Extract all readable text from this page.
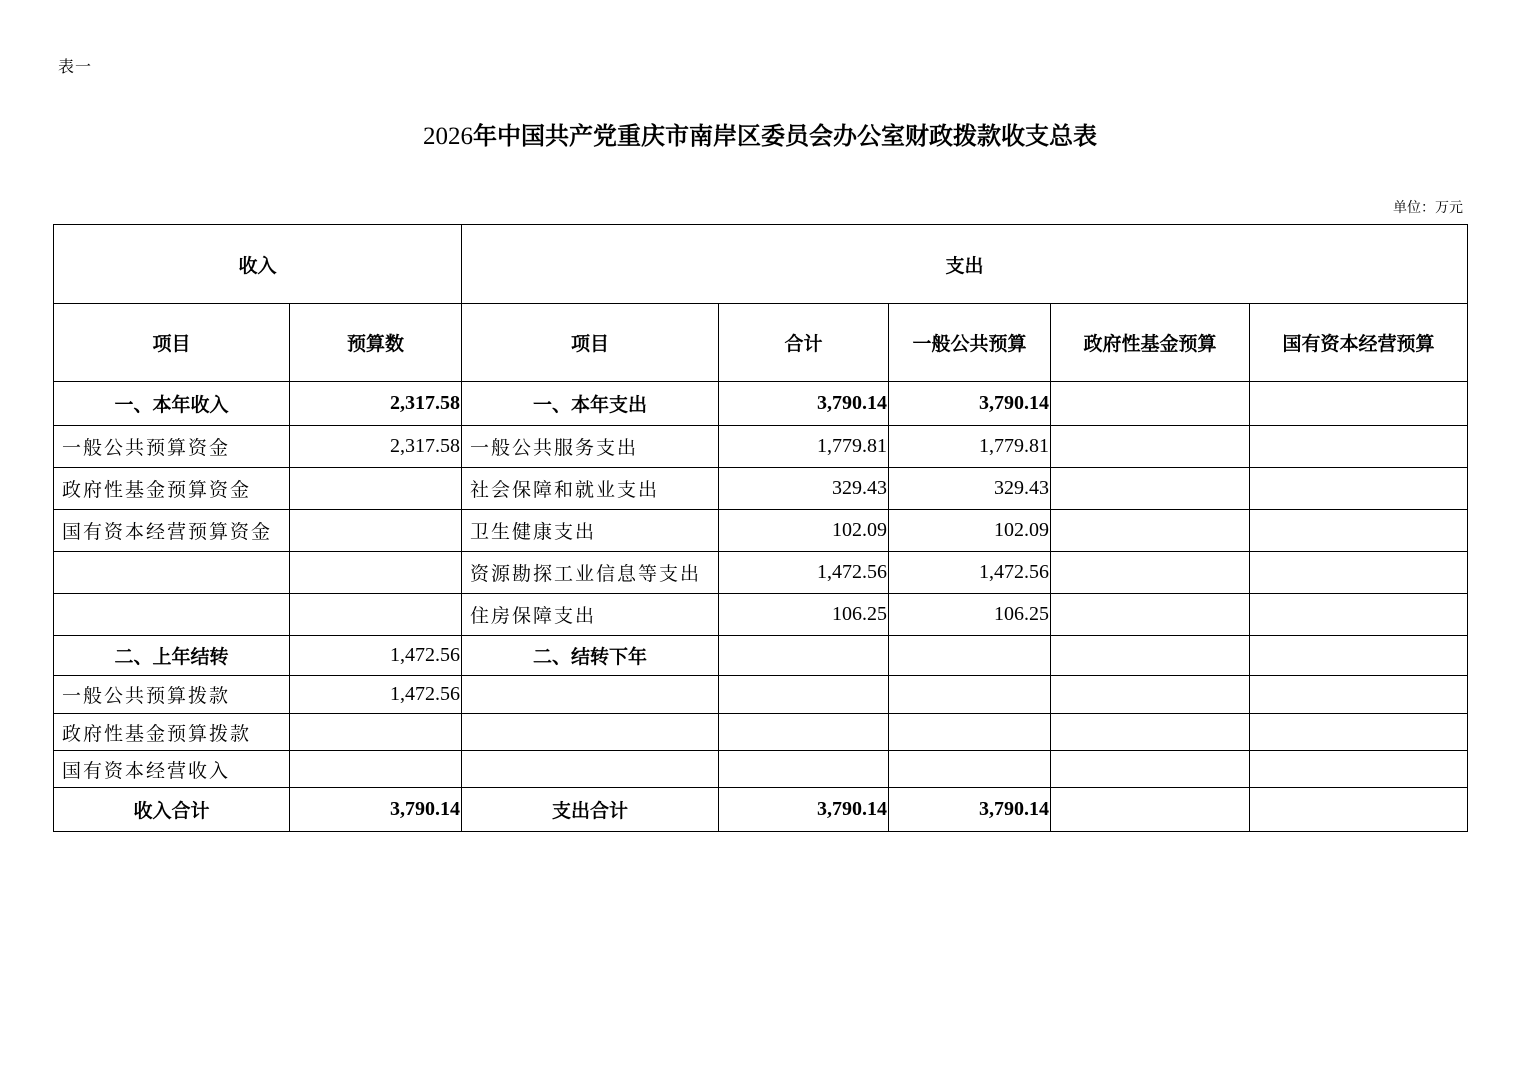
表一
2026年中国共产党重庆市南岸区委员会办公室财政拨款收支总表
单位：万元
收入		支出				
项目	预算数	项目	合计	一般公共预算	政府性基金预算	国有资本经营预算
一、本年收入	2,317.58	一、本年支出	3,790.14	3,790.14		
一般公共预算资金	2,317.58	一般公共服务支出	1,779.81	1,779.81		
政府性基金预算资金		社会保障和就业支出	329.43	329.43		
国有资本经营预算资金		卫生健康支出	102.09	102.09		
		资源勘探工业信息等支出	1,472.56	1,472.56		
		住房保障支出	106.25	106.25		
二、上年结转	1,472.56	二、结转下年				
一般公共预算拨款	1,472.56					
政府性基金预算拨款						
国有资本经营收入						
收入合计	3,790.14	支出合计	3,790.14	3,790.14		
